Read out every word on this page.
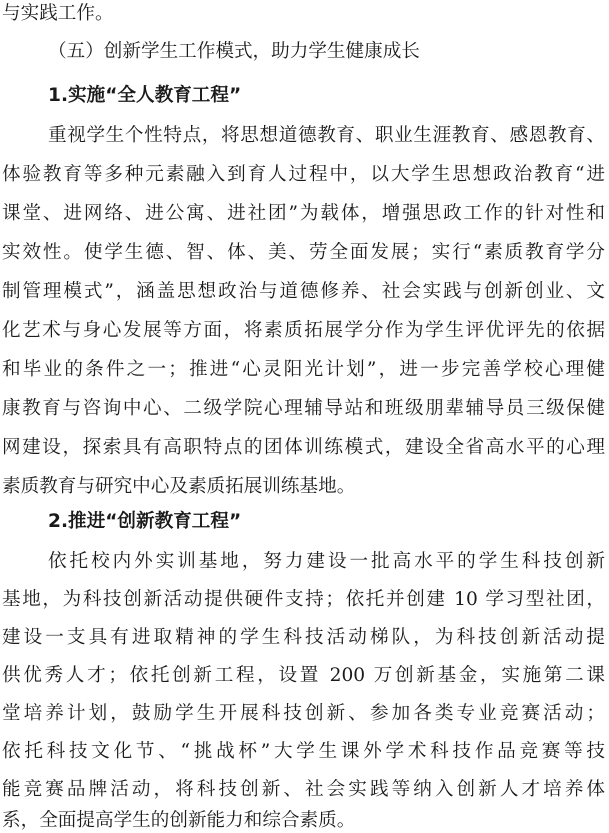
与实践工作。
（五）创新学生工作模式，助力学生健康成长
1.实施“全人教育工程”
重视学生个性特点，将思想道德教育、职业生涯教育、感恩教育、
体验教育等多种元素融入到育人过程中，以大学生思想政治教育“进
课堂、进网络、进公寓、进社团”为载体，增强思政工作的针对性和
实效性。使学生德、智、体、美、劳全面发展；实行“素质教育学分
制管理模式”，涵盖思想政治与道德修养、社会实践与创新创业、文
化艺术与身心发展等方面，将素质拓展学分作为学生评优评先的依据
和毕业的条件之一；推进“心灵阳光计划”，进一步完善学校心理健
康教育与咨询中心、二级学院心理辅导站和班级朋辈辅导员三级保健
网建设，探索具有高职特点的团体训练模式，建设全省高水平的心理
素质教育与研究中心及素质拓展训练基地。
2.推进“创新教育工程”
依托校内外实训基地，努力建设一批高水平的学生科技创新
基地，为科技创新活动提供硬件支持；依托并创建 10 学习型社团，
建设一支具有进取精神的学生科技活动梯队，为科技创新活动提
供优秀人才；依托创新工程，设置 200 万创新基金，实施第二课
堂培养计划，鼓励学生开展科技创新、参加各类专业竞赛活动；
依托科技文化节、“挑战杯”大学生课外学术科技作品竞赛等技
能竞赛品牌活动，将科技创新、社会实践等纳入创新人才培养体
系，全面提高学生的创新能力和综合素质。
